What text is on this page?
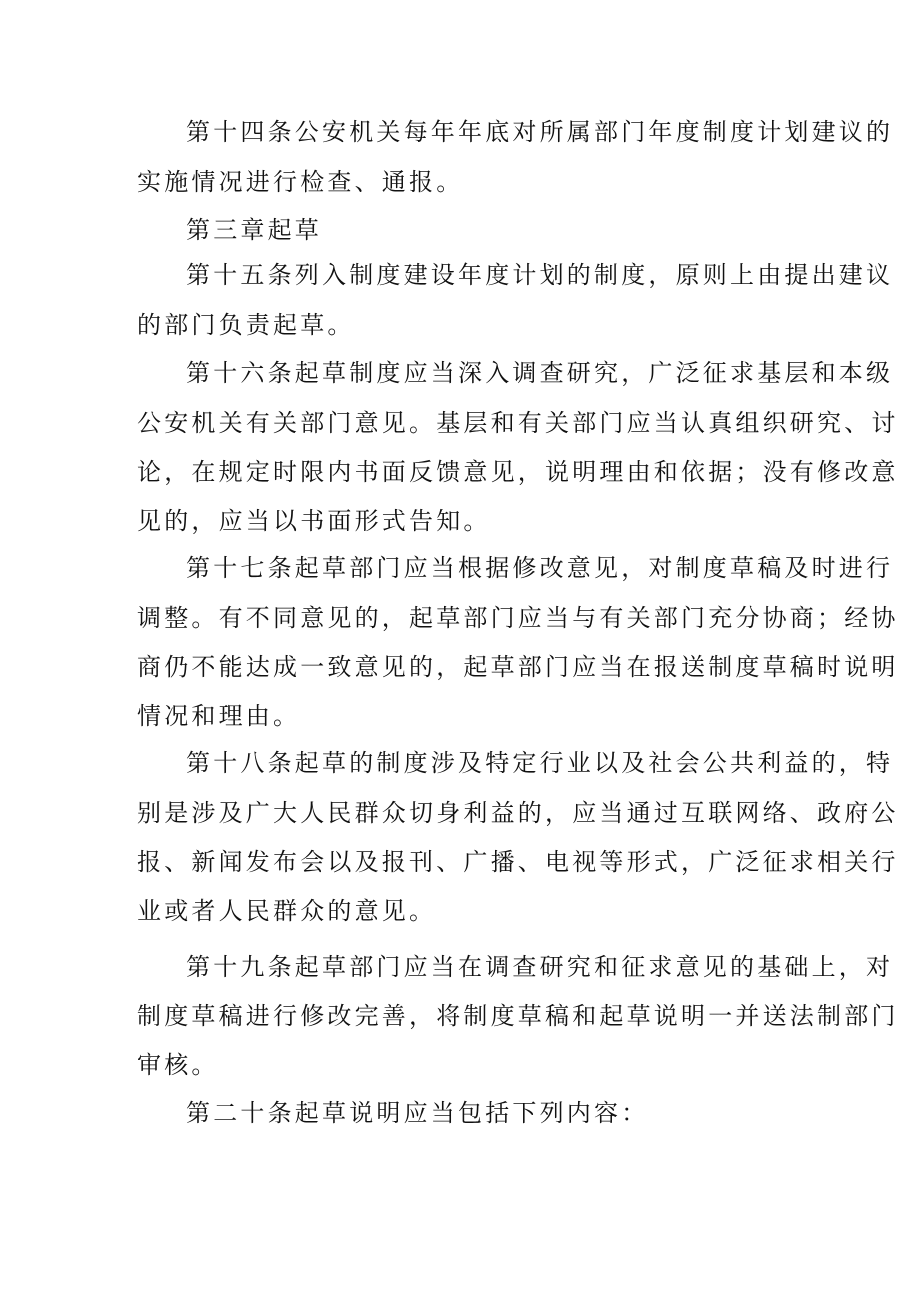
第十四条公安机关每年年底对所属部门年度制度计划建议的

实施情况进行检查、通报。

第三章起草

第十五条列入制度建设年度计划的制度，原则上由提出建议

的部门负责起草。

第十六条起草制度应当深入调查研究，广泛征求基层和本级

公安机关有关部门意见。基层和有关部门应当认真组织研究、讨

论，在规定时限内书面反馈意见，说明理由和依据；没有修改意

见的，应当以书面形式告知。

第十七条起草部门应当根据修改意见，对制度草稿及时进行

调整。有不同意见的，起草部门应当与有关部门充分协商；经协

商仍不能达成一致意见的，起草部门应当在报送制度草稿时说明

情况和理由。

第十八条起草的制度涉及特定行业以及社会公共利益的，特

别是涉及广大人民群众切身利益的，应当通过互联网络、政府公

报、新闻发布会以及报刊、广播、电视等形式，广泛征求相关行

业或者人民群众的意见。

第十九条起草部门应当在调查研究和征求意见的基础上，对

制度草稿进行修改完善，将制度草稿和起草说明一并送法制部门

审核。

第二十条起草说明应当包括下列内容：
